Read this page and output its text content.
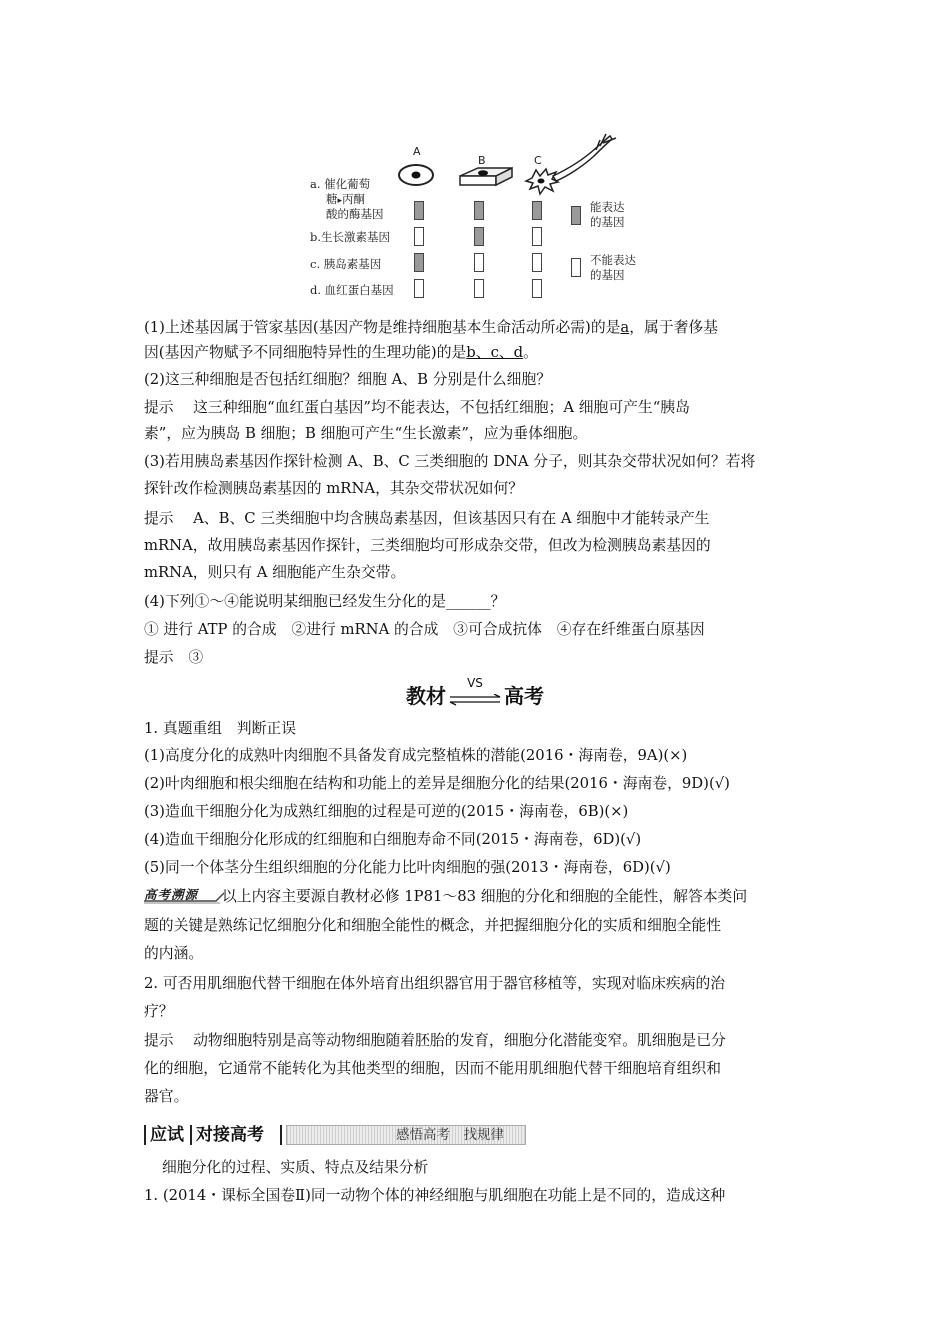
A
B	C
a. 催化葡萄
糖▸丙酮
酸的酶基因
b.生长激素基因
c. 胰岛素基因
d. 血红蛋白基因
能表达
的基因
不能表达
的基因
(1)上述基因属于管家基因(基因产物是维持细胞基本生命活动所必需)的是a，属于奢侈基
因(基因产物赋予不同细胞特异性的生理功能)的是b、c、d。
(2)这三种细胞是否包括红细胞？细胞 A、B 分别是什么细胞？
提示　 这三种细胞“血红蛋白基因”均不能表达，不包括红细胞；A 细胞可产生“胰岛
素”，应为胰岛 B 细胞；B 细胞可产生“生长激素”，应为垂体细胞。
(3)若用胰岛素基因作探针检测 A、B、C 三类细胞的 DNA 分子，则其杂交带状况如何？若将
探针改作检测胰岛素基因的 mRNA，其杂交带状况如何？
提示　 A、B、C 三类细胞中均含胰岛素基因，但该基因只有在 A 细胞中才能转录产生
mRNA，故用胰岛素基因作探针，三类细胞均可形成杂交带，但改为检测胰岛素基因的
mRNA，则只有 A 细胞能产生杂交带。
(4)下列①～④能说明某细胞已经发生分化的是______？
① 进行 ATP 的合成　②进行 mRNA 的合成　③可合成抗体　④存在纤维蛋白原基因
提示　③
教材
VS
高考
1. 真题重组　判断正误
(1)高度分化的成熟叶肉细胞不具备发育成完整植株的潜能(2016・海南卷，9A)(×)
(2)叶肉细胞和根尖细胞在结构和功能上的差异是细胞分化的结果(2016・海南卷，9D)(√)
(3)造血干细胞分化为成熟红细胞的过程是可逆的(2015・海南卷，6B)(×)
(4)造血干细胞分化形成的红细胞和白细胞寿命不同(2015・海南卷，6D)(√)
(5)同一个体茎分生组织细胞的分化能力比叶肉细胞的强(2013・海南卷，6D)(√)
高考溯源	以上内容主要源自教材必修 1P81～83 细胞的分化和细胞的全能性，解答本类问
题的关键是熟练记忆细胞分化和细胞全能性的概念，并把握细胞分化的实质和细胞全能性
的内涵。
2. 可否用肌细胞代替干细胞在体外培育出组织器官用于器官移植等，实现对临床疾病的治
疗？
提示　 动物细胞特别是高等动物细胞随着胚胎的发育，细胞分化潜能变窄。肌细胞是已分
化的细胞，它通常不能转化为其他类型的细胞，因而不能用肌细胞代替干细胞培育组织和
器官。
应试 对接高考	感悟高考　找规律
细胞分化的过程、实质、特点及结果分析
1. (2014・课标全国卷Ⅱ)同一动物个体的神经细胞与肌细胞在功能上是不同的，造成这种
